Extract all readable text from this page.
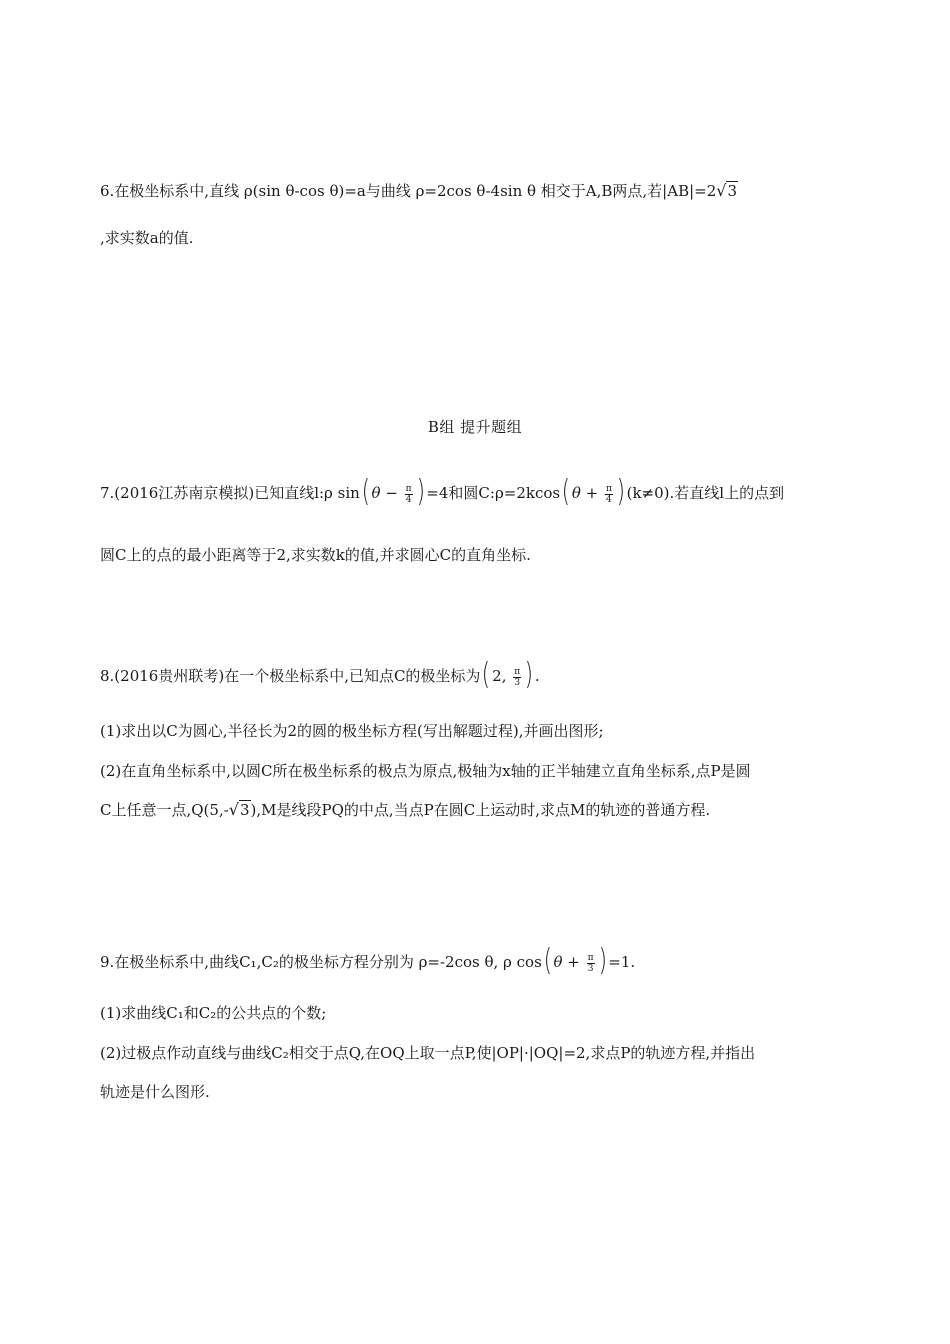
6.在极坐标系中,直线 ρ(sin θ-cos θ)=a与曲线 ρ=2cos θ-4sin θ 相交于A,B两点,若|AB|=2√3
,求实数a的值.
B组 提升题组
7.(2016江苏南京模拟)已知直线l:ρ sin( $\theta - \frac{\pi}{4}$ ) =4和圆C:ρ=2kcos( $\theta + \frac{\pi}{4}$ ) (k≠0).若直线l上的点到
圆C上的点的最小距离等于2,求实数k的值,并求圆心C的直角坐标.
8.(2016贵州联考)在一个极坐标系中,已知点C的极坐标为( 2, $\frac{\pi}{3}$ ) .
(1)求出以C为圆心,半径长为2的圆的极坐标方程(写出解题过程),并画出图形;
(2)在直角坐标系中,以圆C所在极坐标系的极点为原点,极轴为x轴的正半轴建立直角坐标系,点P是圆
C上任意一点,Q(5,-√3),M是线段PQ的中点,当点P在圆C上运动时,求点M的轨迹的普通方程.
9.在极坐标系中,曲线C₁,C₂的极坐标方程分别为 ρ=-2cos θ, ρ cos( $\theta + \frac{\pi}{3}$ ) =1.
(1)求曲线C₁和C₂的公共点的个数;
(2)过极点作动直线与曲线C₂相交于点Q,在OQ上取一点P,使|OP|·|OQ|=2,求点P的轨迹方程,并指出
轨迹是什么图形.
